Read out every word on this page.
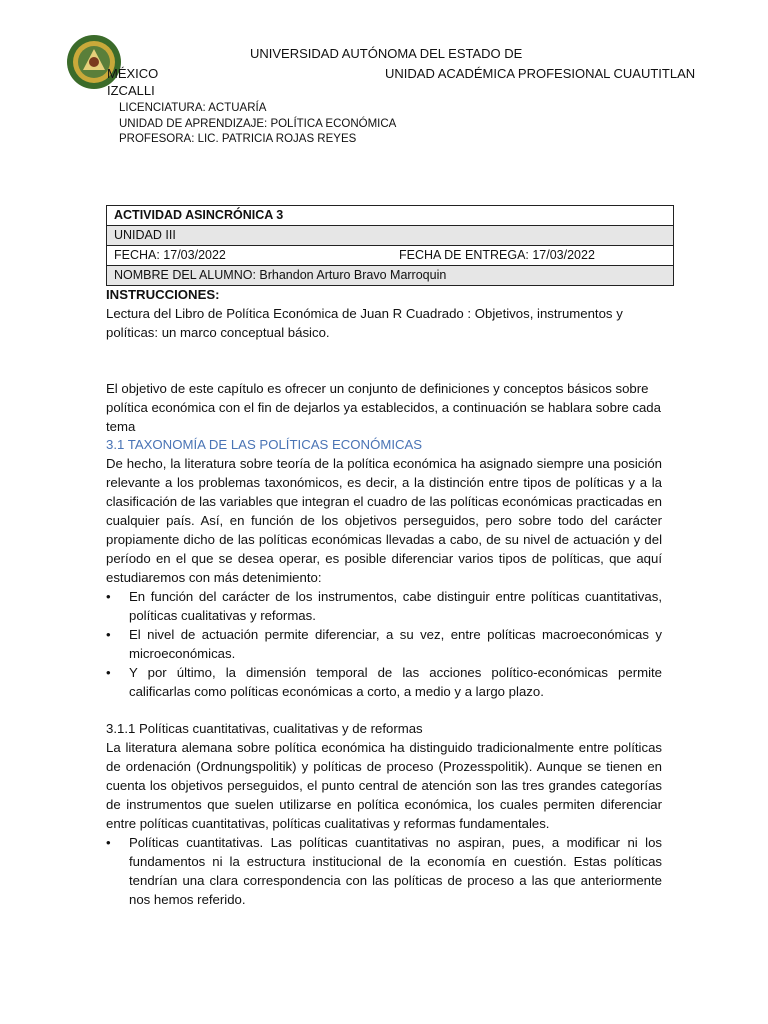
UNIVERSIDAD AUTÓNOMA DEL ESTADO DE
MÉXICO	UNIDAD ACADÉMICA PROFESIONAL CUAUTITLAN
IZCALLI
LICENCIATURA: ACTUARÍA
UNIDAD DE APRENDIZAJE: POLÍTICA ECONÓMICA
PROFESORA: LIC. PATRICIA ROJAS REYES
ACTIVIDAD ASINCRÓNICA 3
UNIDAD III
FECHA: 17/03/2022	FECHA DE ENTREGA: 17/03/2022

NOMBRE DEL ALUMNO: Brhandon Arturo Bravo Marroquin
INSTRUCCIONES:

Lectura del Libro de Política Económica de Juan R Cuadrado : Objetivos, instrumentos y políticas: un marco conceptual básico.

El objetivo de este capítulo es ofrecer un conjunto de definiciones y conceptos básicos sobre política económica con el fin de dejarlos ya establecidos, a continuación se hablara sobre cada tema

3.1 TAXONOMÍA DE LAS POLÍTICAS ECONÓMICAS

De hecho, la literatura sobre teoría de la política económica ha asignado siempre una posición relevante a los problemas taxonómicos, es decir, a la distinción entre tipos de políticas y a la clasificación de las variables que integran el cuadro de las políticas económicas practicadas en cualquier país. Así, en función de los objetivos perseguidos, pero sobre todo del carácter propiamente dicho de las políticas económicas llevadas a cabo, de su nivel de actuación y del período en el que se desea operar, es posible diferenciar varios tipos de políticas, que aquí estudiaremos con más detenimiento:

• En función del carácter de los instrumentos, cabe distinguir entre políticas cuantitativas, políticas cualitativas y reformas.
• El nivel de actuación permite diferenciar, a su vez, entre políticas macroeconómicas y microeconómicas.
• Y por último, la dimensión temporal de las acciones político-económicas permite calificarlas como políticas económicas a corto, a medio y a largo plazo.
3.1.1 Políticas cuantitativas, cualitativas y de reformas

La literatura alemana sobre política económica ha distinguido tradicionalmente entre políticas de ordenación (Ordnungspolitik) y políticas de proceso (Prozesspolitik). Aunque se tienen en cuenta los objetivos perseguidos, el punto central de atención son las tres grandes categorías de instrumentos que suelen utilizarse en política económica, los cuales permiten diferenciar entre políticas cuantitativas, políticas cualitativas y reformas fundamentales.

• Políticas cuantitativas. Las políticas cuantitativas no aspiran, pues, a modificar ni los fundamentos ni la estructura institucional de la economía en cuestión. Estas políticas tendrían una clara correspondencia con las políticas de proceso a las que anteriormente nos hemos referido.
